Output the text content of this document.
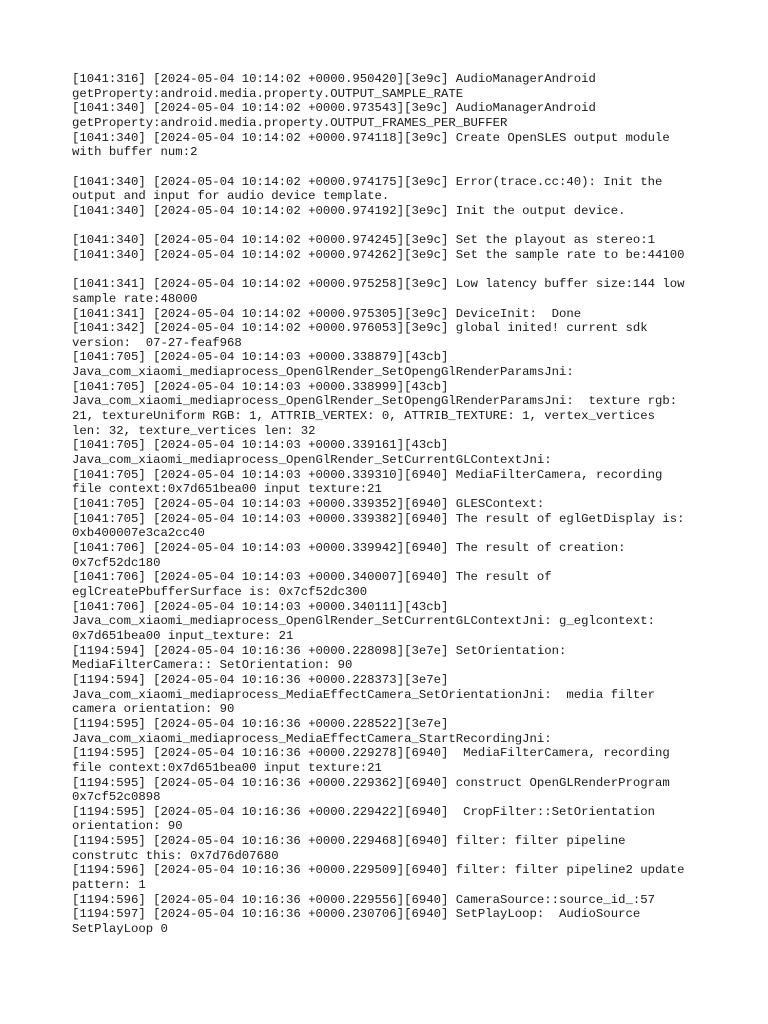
[1041:316] [2024-05-04 10:14:02 +0000.950420][3e9c] AudioManagerAndroid
getProperty:android.media.property.OUTPUT_SAMPLE_RATE
[1041:340] [2024-05-04 10:14:02 +0000.973543][3e9c] AudioManagerAndroid
getProperty:android.media.property.OUTPUT_FRAMES_PER_BUFFER
[1041:340] [2024-05-04 10:14:02 +0000.974118][3e9c] Create OpenSLES output module
with buffer num:2

[1041:340] [2024-05-04 10:14:02 +0000.974175][3e9c] Error(trace.cc:40): Init the
output and input for audio device template.
[1041:340] [2024-05-04 10:14:02 +0000.974192][3e9c] Init the output device.

[1041:340] [2024-05-04 10:14:02 +0000.974245][3e9c] Set the playout as stereo:1
[1041:340] [2024-05-04 10:14:02 +0000.974262][3e9c] Set the sample rate to be:44100

[1041:341] [2024-05-04 10:14:02 +0000.975258][3e9c] Low latency buffer size:144 low
sample rate:48000
[1041:341] [2024-05-04 10:14:02 +0000.975305][3e9c] DeviceInit:  Done
[1041:342] [2024-05-04 10:14:02 +0000.976053][3e9c] global inited! current sdk
version:  07-27-feaf968
[1041:705] [2024-05-04 10:14:03 +0000.338879][43cb]
Java_com_xiaomi_mediaprocess_OpenGlRender_SetOpengGlRenderParamsJni:
[1041:705] [2024-05-04 10:14:03 +0000.338999][43cb]
Java_com_xiaomi_mediaprocess_OpenGlRender_SetOpengGlRenderParamsJni:  texture rgb:
21, textureUniform RGB: 1, ATTRIB_VERTEX: 0, ATTRIB_TEXTURE: 1, vertex_vertices
len: 32, texture_vertices len: 32
[1041:705] [2024-05-04 10:14:03 +0000.339161][43cb]
Java_com_xiaomi_mediaprocess_OpenGlRender_SetCurrentGLContextJni:
[1041:705] [2024-05-04 10:14:03 +0000.339310][6940] MediaFilterCamera, recording
file context:0x7d651bea00 input texture:21
[1041:705] [2024-05-04 10:14:03 +0000.339352][6940] GLESContext:
[1041:705] [2024-05-04 10:14:03 +0000.339382][6940] The result of eglGetDisplay is:
0xb400007e3ca2cc40
[1041:706] [2024-05-04 10:14:03 +0000.339942][6940] The result of creation:
0x7cf52dc180
[1041:706] [2024-05-04 10:14:03 +0000.340007][6940] The result of
eglCreatePbufferSurface is: 0x7cf52dc300
[1041:706] [2024-05-04 10:14:03 +0000.340111][43cb]
Java_com_xiaomi_mediaprocess_OpenGlRender_SetCurrentGLContextJni: g_eglcontext:
0x7d651bea00 input_texture: 21
[1194:594] [2024-05-04 10:16:36 +0000.228098][3e7e] SetOrientation:
MediaFilterCamera:: SetOrientation: 90
[1194:594] [2024-05-04 10:16:36 +0000.228373][3e7e]
Java_com_xiaomi_mediaprocess_MediaEffectCamera_SetOrientationJni:  media filter
camera orientation: 90
[1194:595] [2024-05-04 10:16:36 +0000.228522][3e7e]
Java_com_xiaomi_mediaprocess_MediaEffectCamera_StartRecordingJni:
[1194:595] [2024-05-04 10:16:36 +0000.229278][6940]  MediaFilterCamera, recording
file context:0x7d651bea00 input texture:21
[1194:595] [2024-05-04 10:16:36 +0000.229362][6940] construct OpenGLRenderProgram
0x7cf52c0898
[1194:595] [2024-05-04 10:16:36 +0000.229422][6940]  CropFilter::SetOrientation
orientation: 90
[1194:595] [2024-05-04 10:16:36 +0000.229468][6940] filter: filter pipeline
construtc this: 0x7d76d07680
[1194:596] [2024-05-04 10:16:36 +0000.229509][6940] filter: filter pipeline2 update
pattern: 1
[1194:596] [2024-05-04 10:16:36 +0000.229556][6940] CameraSource::source_id_:57
[1194:597] [2024-05-04 10:16:36 +0000.230706][6940] SetPlayLoop:  AudioSource
SetPlayLoop 0
